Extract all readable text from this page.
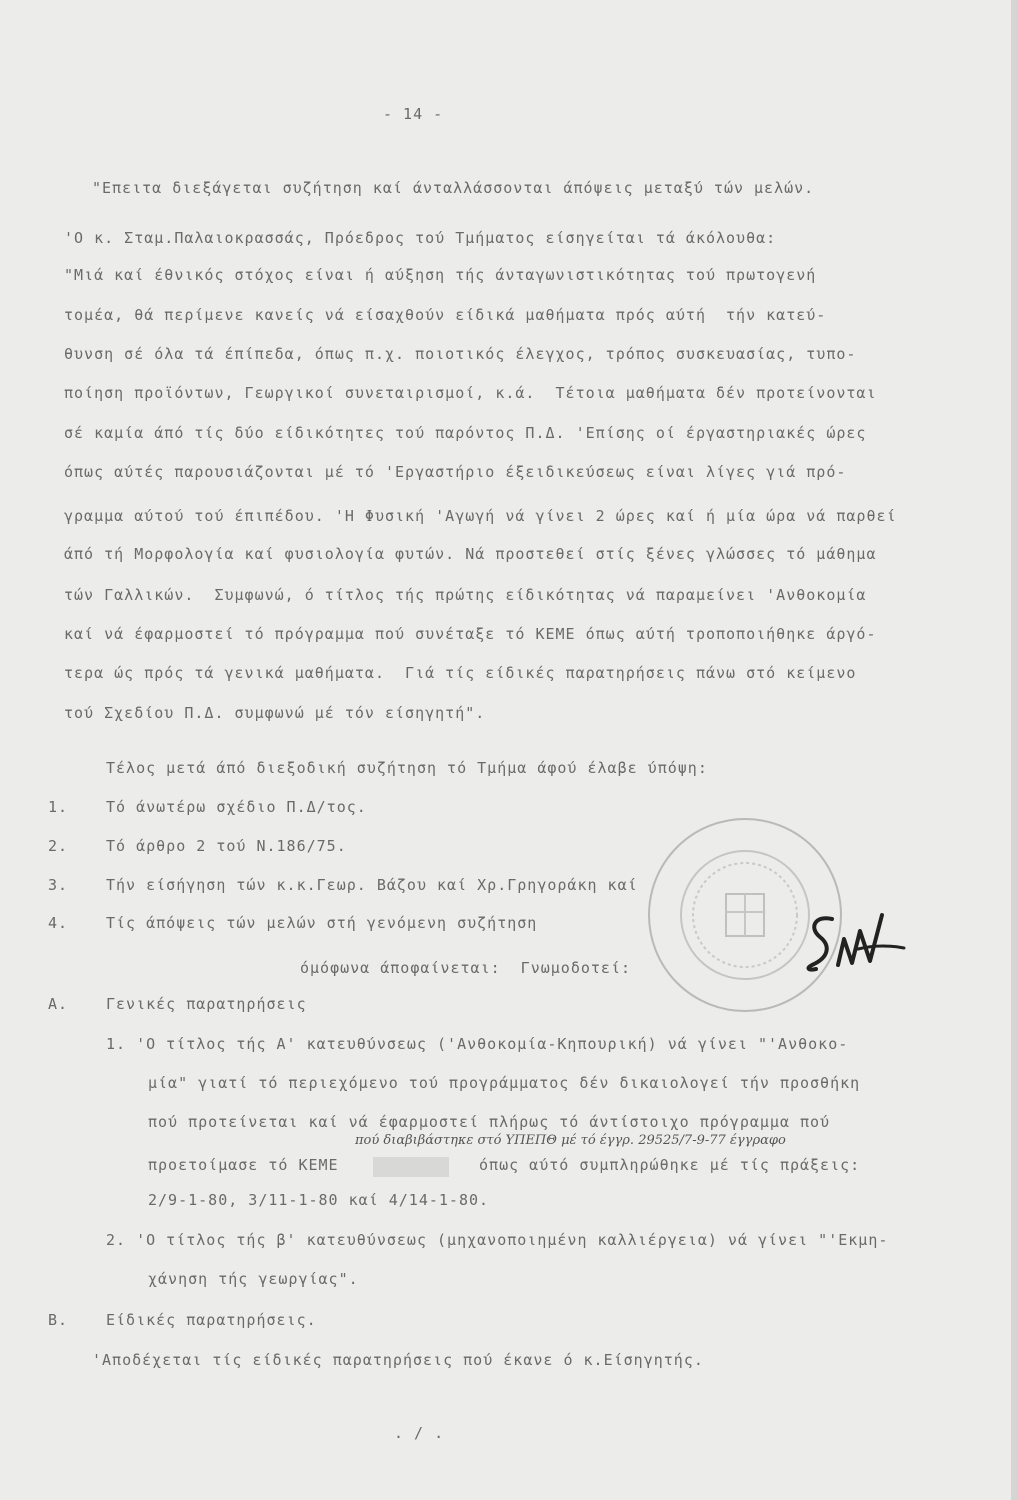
- 14 -
"Επειτα διεξάγεται συζήτηση καί άνταλλάσσονται άπόψεις μεταξύ τών μελών.
'Ο κ. Σταμ.Παλαιοκρασσάς, Πρόεδρος τού Τμήματος είσηγείται τά άκόλουθα:
"Μιά καί έθνικός στόχος είναι ή αύξηση τής άνταγωνιστικότητας τού πρωτογενή
τομέα, θά περίμενε κανείς νά είσαχθούν είδικά μαθήματα πρός αύτή  τήν κατεύ-
θυνση σέ όλα τά έπίπεδα, όπως π.χ. ποιοτικός έλεγχος, τρόπος συσκευασίας, τυπο-
ποίηση προϊόντων, Γεωργικοί συνεταιρισμοί, κ.ά.  Τέτοια μαθήματα δέν προτείνονται
σέ καμία άπό τίς δύο είδικότητες τού παρόντος Π.Δ. 'Επίσης οί έργαστηριακές ώρες
όπως αύτές παρουσιάζονται μέ τό 'Εργαστήριο έξειδικεύσεως είναι λίγες γιά πρό-
γραμμα αύτού τού έπιπέδου. 'Η Φυσική 'Αγωγή νά γίνει 2 ώρες καί ή μία ώρα νά παρθεί
άπό τή Μορφολογία καί φυσιολογία φυτών. Νά προστεθεί στίς ξένες γλώσσες τό μάθημα
τών Γαλλικών.  Συμφωνώ, ό τίτλος τής πρώτης είδικότητας νά παραμείνει 'Ανθοκομία
καί νά έφαρμοστεί τό πρόγραμμα πού συνέταξε τό ΚΕΜΕ όπως αύτή τροποποιήθηκε άργό-
τερα ώς πρός τά γενικά μαθήματα.  Γιά τίς είδικές παρατηρήσεις πάνω στό κείμενο
τού Σχεδίου Π.Δ. συμφωνώ μέ τόν είσηγητή".
Τέλος μετά άπό διεξοδική συζήτηση τό Τμήμα άφού έλαβε ύπόψη:
1.	Τό άνωτέρω σχέδιο Π.Δ/τος.
2.	Τό άρθρο 2 τού Ν.186/75.
3.	Τήν είσήγηση τών κ.κ.Γεωρ. Βάζου καί Χρ.Γρηγοράκη καί
4.	Τίς άπόψεις τών μελών στή γενόμενη συζήτηση
όμόφωνα άποφαίνεται:  Γνωμοδοτεί:
Α.	Γενικές παρατηρήσεις
1. 'Ο τίτλος τής Α' κατευθύνσεως ('Ανθοκομία-Κηπουρική) νά γίνει "'Ανθοκο-
μία" γιατί τό περιεχόμενο τού προγράμματος δέν δικαιολογεί τήν προσθήκη
πού προτείνεται καί νά έφαρμοστεί πλήρως τό άντίστοιχο πρόγραμμα πού
πού διαβιβάστηκε στό ΥΠΕΠΘ μέ τό έγγρ. 29525/7-9-77 έγγραφο
προετοίμασε τό ΚΕΜΕ              όπως αύτό συμπληρώθηκε μέ τίς πράξεις:
2/9-1-80, 3/11-1-80 καί 4/14-1-80.
2. 'Ο τίτλος τής β' κατευθύνσεως (μηχανοποιημένη καλλιέργεια) νά γίνει "'Εκμη-
χάνηση τής γεωργίας".
Β.	Είδικές παρατηρήσεις.
'Αποδέχεται τίς είδικές παρατηρήσεις πού έκανε ό κ.Είσηγητής.
. / .
